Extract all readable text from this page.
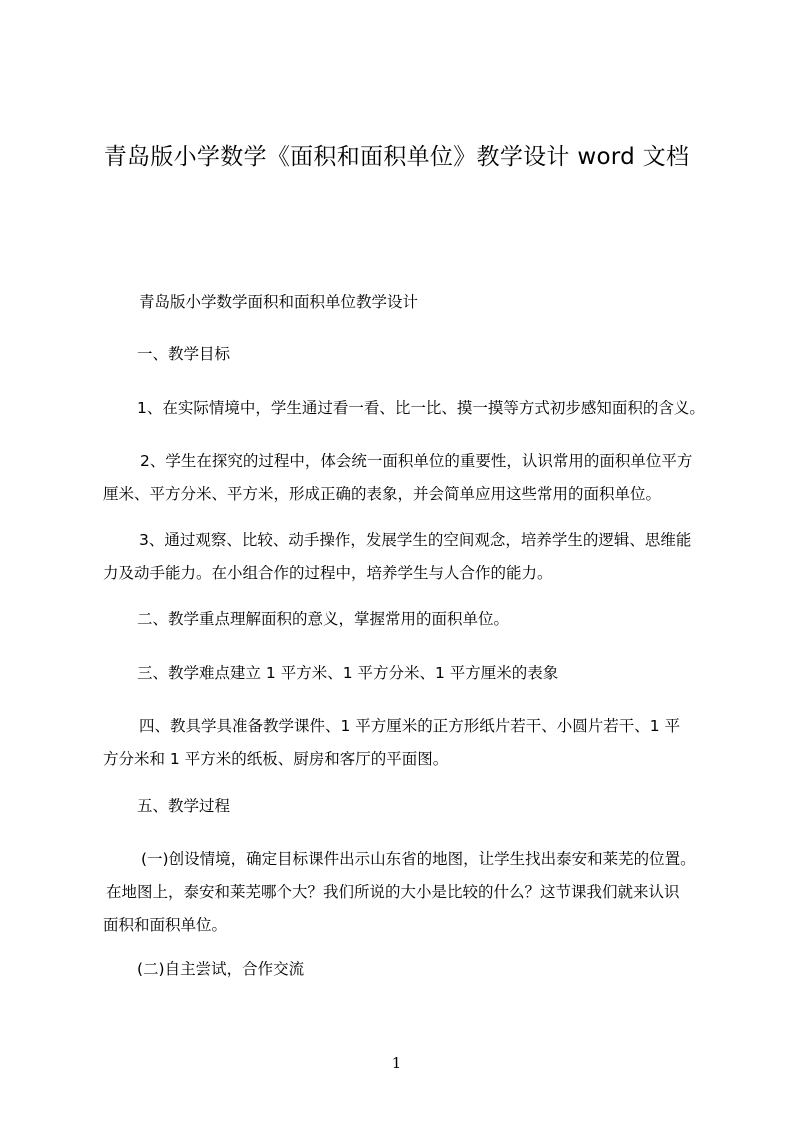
青岛版小学数学《面积和面积单位》教学设计 word 文档
青岛版小学数学面积和面积单位教学设计
一、教学目标
1、在实际情境中，学生通过看一看、比一比、摸一摸等方式初步感知面积的含义。
2、学生在探究的过程中，体会统一面积单位的重要性，认识常用的面积单位平方
厘米、平方分米、平方米，形成正确的表象，并会简单应用这些常用的面积单位。
3、通过观察、比较、动手操作，发展学生的空间观念，培养学生的逻辑、思维能
力及动手能力。在小组合作的过程中，培养学生与人合作的能力。
二、教学重点理解面积的意义，掌握常用的面积单位。
三、教学难点建立 1 平方米、1 平方分米、1 平方厘米的表象
四、教具学具准备教学课件、1 平方厘米的正方形纸片若干、小圆片若干、1 平
方分米和 1 平方米的纸板、厨房和客厅的平面图。
五、教学过程
(一)创设情境，确定目标课件出示山东省的地图，让学生找出泰安和莱芜的位置。
在地图上，泰安和莱芜哪个大？我们所说的大小是比较的什么？这节课我们就来认识
面积和面积单位。
(二)自主尝试，合作交流
1
